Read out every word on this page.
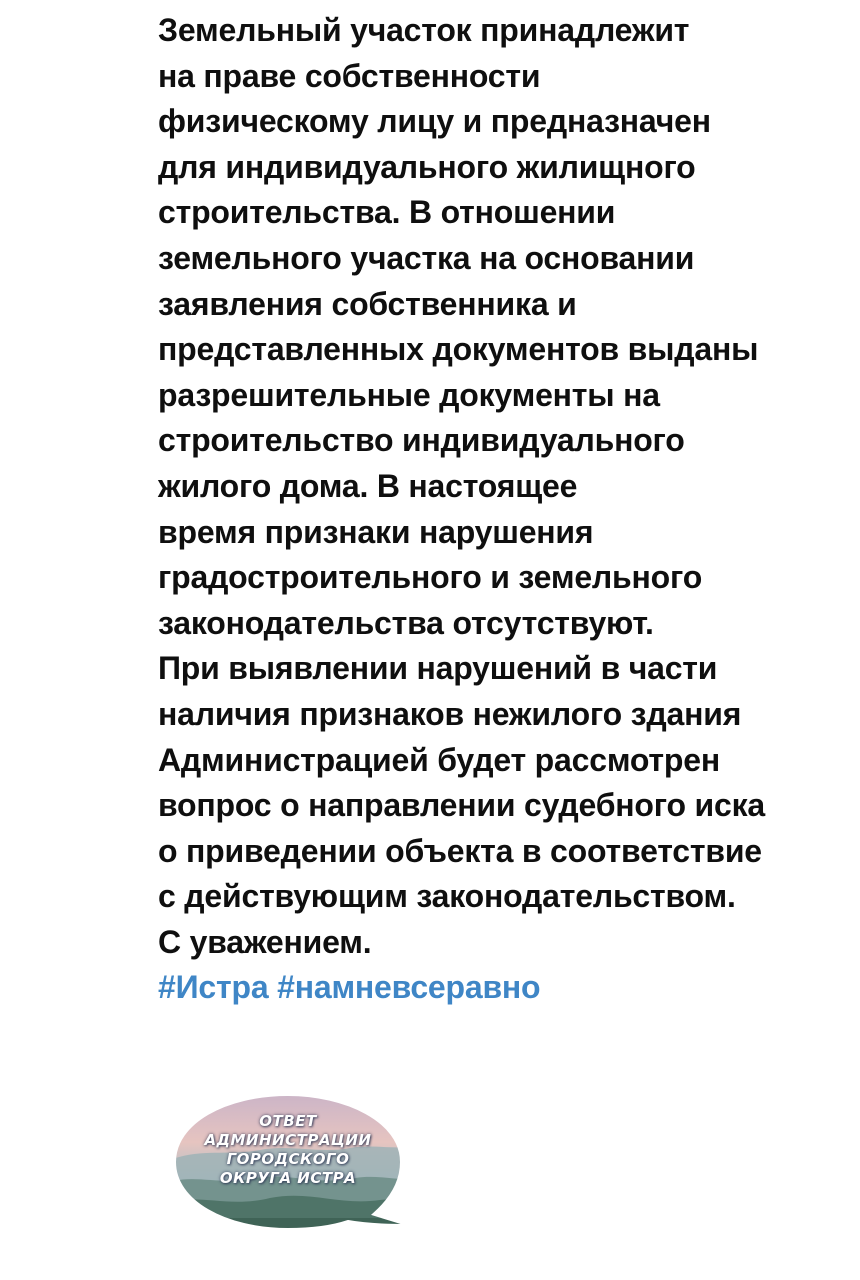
Земельный участок принадлежит
на праве собственности
физическому лицу и предназначен
для индивидуального жилищного
строительства. В отношении
земельного участка на основании
заявления собственника и
представленных документов выданы
разрешительные документы на
строительство индивидуального
жилого дома. В настоящее
время признаки нарушения
градостроительного и земельного
законодательства отсутствуют.
При выявлении нарушений в части
наличия признаков нежилого здания
Администрацией будет рассмотрен
вопрос о направлении судебного иска
о приведении объекта в соответствие
с действующим законодательством.
С уважением.
#Истра #намневсеравно
ОТВЕТ
АДМИНИСТРАЦИИ
ГОРОДСКОГО
ОКРУГА ИСТРА
